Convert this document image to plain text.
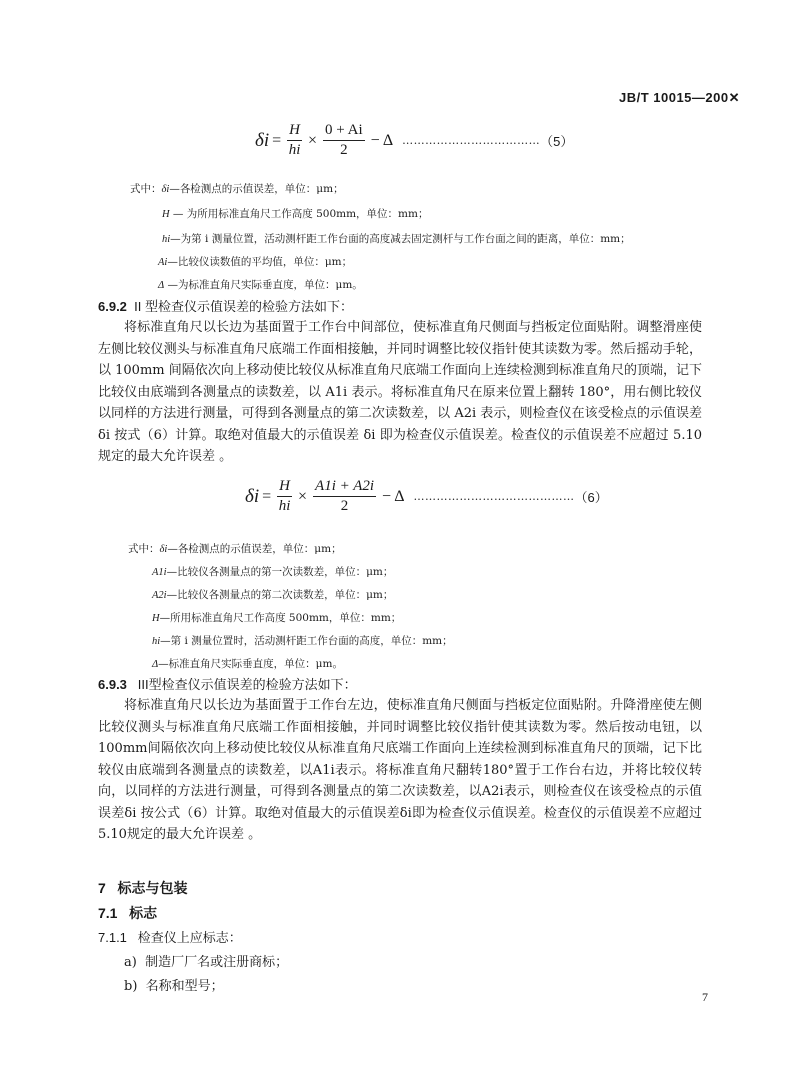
JB/T 10015—200✕
$\delta i = \frac{H}{hi} \times \frac{0 + Ai}{2} - \Delta$ ……………………………… （5）
式中：δi—各检测点的示值误差，单位：μm；
H — 为所用标准直角尺工作高度 500mm，单位：mm；
hi—为第 i 测量位置，活动测杆距工作台面的高度减去固定测杆与工作台面之间的距离，单位：mm；
Ai—比较仪读数值的平均值，单位：μm；
Δ —为标准直角尺实际垂直度，单位：μm。
6.9.2 II 型检查仪示值误差的检验方法如下：

将标准直角尺以长边为基面置于工作台中间部位，使标准直角尺侧面与挡板定位面贴附。调整滑座使左侧比较仪测头与标准直角尺底端工作面相接触，并同时调整比较仪指针使其读数为零。然后摇动手轮，以 100mm 间隔依次向上移动使比较仪从标准直角尺底端工作面向上连续检测到标准直角尺的顶端，记下比较仪由底端到各测量点的读数差，以 A1i 表示。将标准直角尺在原来位置上翻转 180°，用右侧比较仪以同样的方法进行测量，可得到各测量点的第二次读数差，以 A2i 表示，则检查仪在该受检点的示值误差 δi 按式（6）计算。取绝对值最大的示值误差 δi 即为检查仪示值误差。检查仪的示值误差不应超过 5.10 规定的最大允许误差 。

$\delta i = \frac{H}{hi} \times \frac{A1i + A2i}{2} - \Delta$ …………………………………… （6）
式中：δi—各检测点的示值误差，单位：μm；
A1i—比较仪各测量点的第一次读数差，单位：μm；
A2i—比较仪各测量点的第二次读数差，单位：μm；
H—所用标准直角尺工作高度 500mm，单位：mm；
hi—第 i 测量位置时，活动测杆距工作台面的高度，单位：mm；
Δ—标准直角尺实际垂直度，单位：μm。
6.9.3 III型检查仪示值误差的检验方法如下：

将标准直角尺以长边为基面置于工作台左边，使标准直角尺侧面与挡板定位面贴附。升降滑座使左侧比较仪测头与标准直角尺底端工作面相接触，并同时调整比较仪指针使其读数为零。然后按动电钮，以100mm间隔依次向上移动使比较仪从标准直角尺底端工作面向上连续检测到标准直角尺的顶端，记下比较仪由底端到各测量点的读数差，以A1i表示。将标准直角尺翻转180°置于工作台右边，并将比较仪转向，以同样的方法进行测量，可得到各测量点的第二次读数差，以A2i表示，则检查仪在该受检点的示值误差δi 按公式（6）计算。取绝对值最大的示值误差δi即为检查仪示值误差。检查仪的示值误差不应超过5.10规定的最大允许误差 。

7 标志与包装
7.1 标志
7.1.1 检查仪上应标志：
a) 制造厂厂名或注册商标；
b) 名称和型号；
7
